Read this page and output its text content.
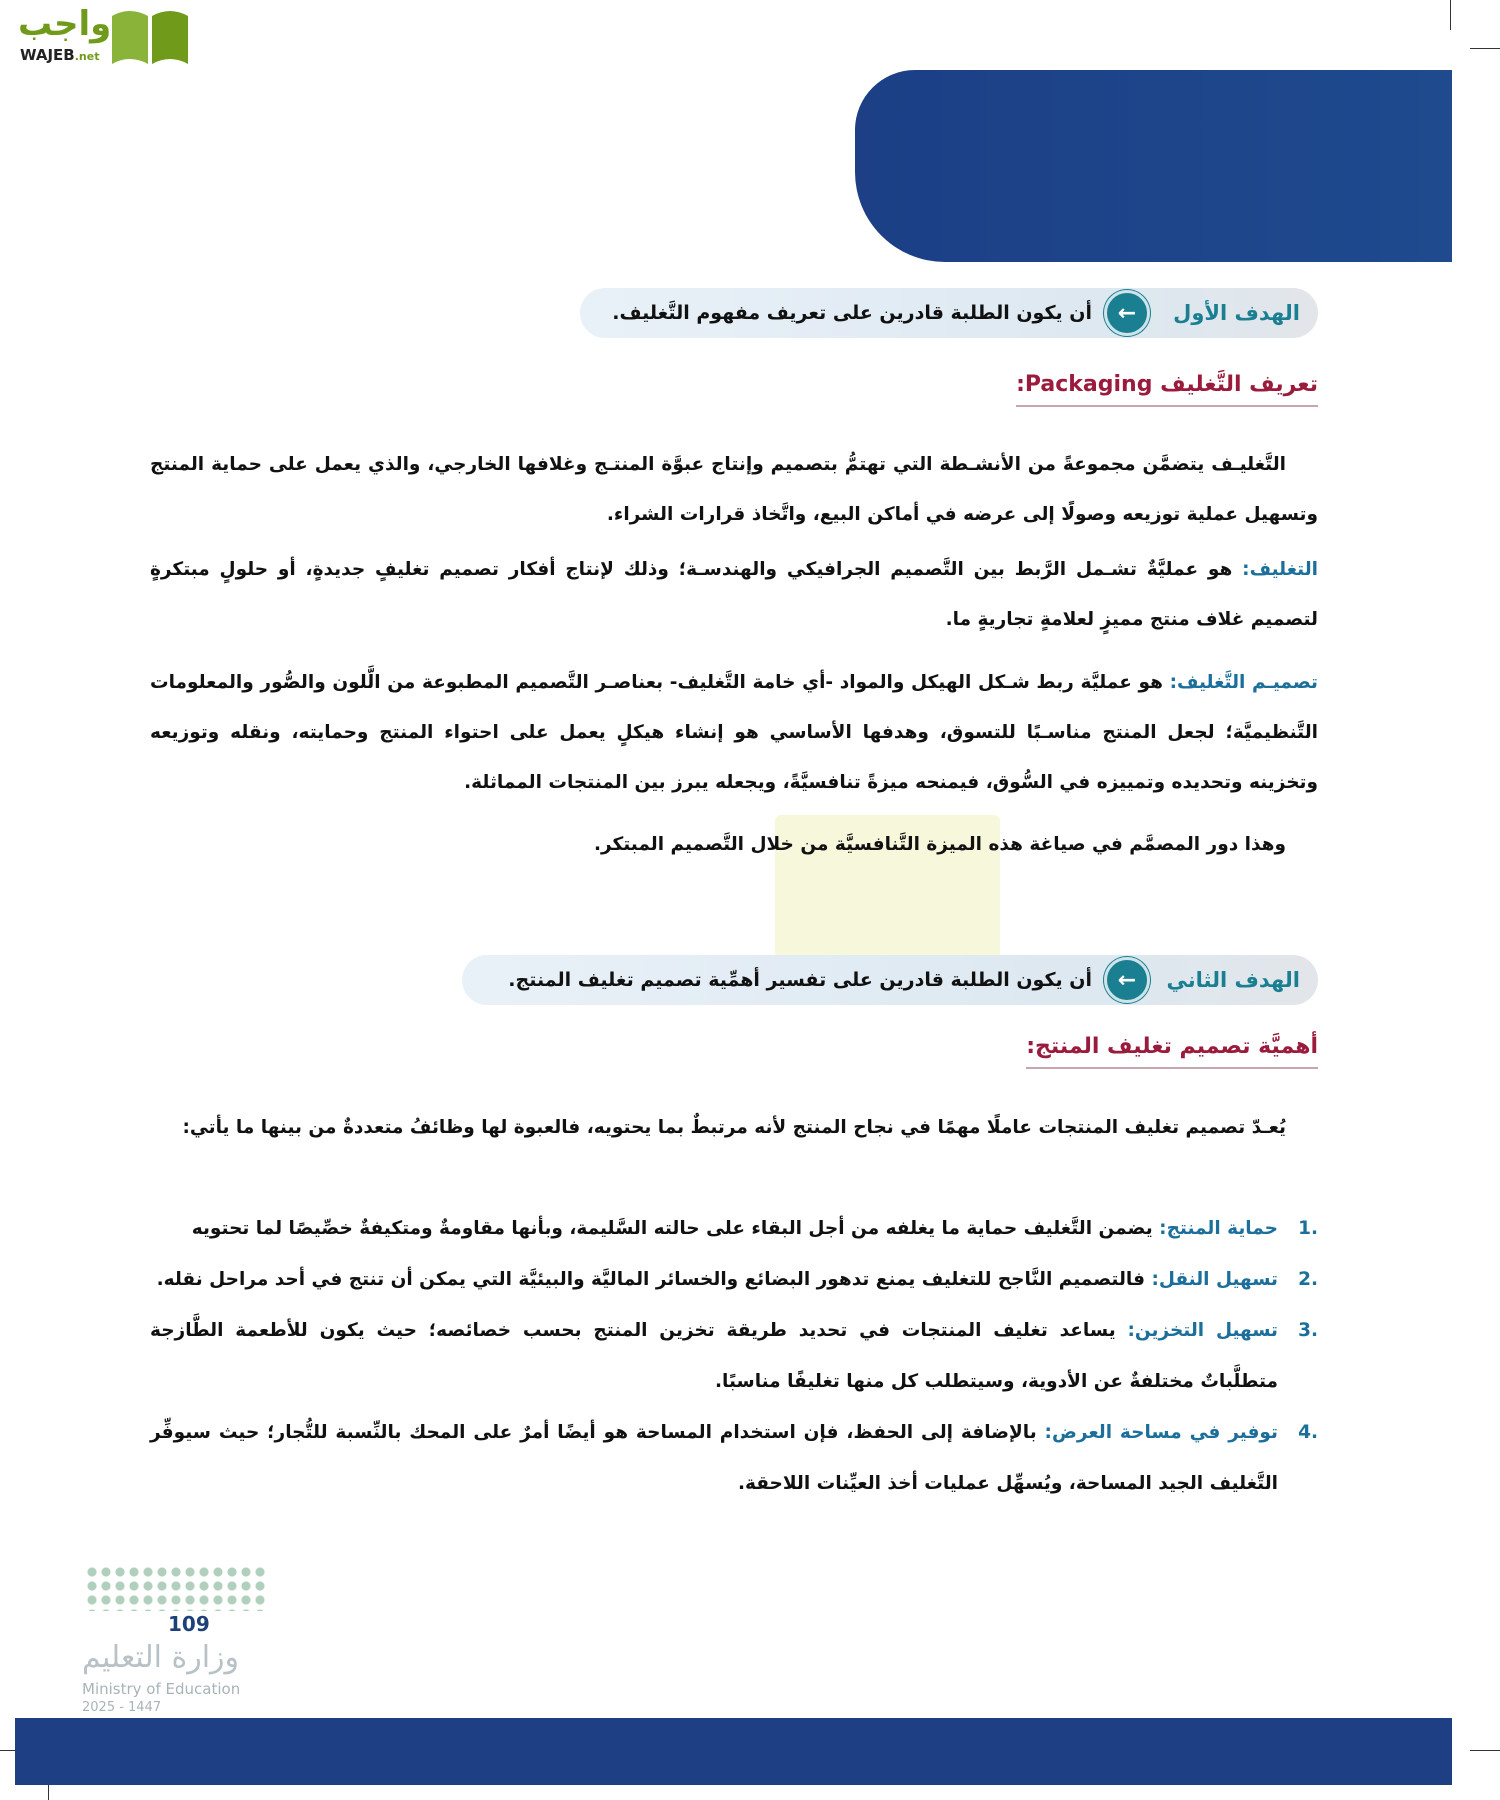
واجب
WAJEB.net
الهدف الأول
←
أن يكون الطلبة قادرين على تعريف مفهوم التَّغليف.
تعريف التَّغليف Packaging:
التَّغليـف يتضمَّن مجموعةً من الأنشـطة التي تهتمُّ بتصميم وإنتاج عبوَّة المنتـج وغلافها الخارجي، والذي يعمل على حماية المنتج وتسهيل عملية توزيعه وصولًا إلى عرضه في أماكن البيع، واتَّخاذ قرارات الشراء.
التغليف: هو عمليَّةٌ تشـمل الرَّبط بين التَّصميم الجرافيكي والهندسـة؛ وذلك لإنتاج أفكار تصميم تغليفٍ جديدةٍ، أو حلولٍ مبتكرةٍ لتصميم غلاف منتج مميزٍ لعلامةٍ تجاريةٍ ما.
تصميـم التَّغليف: هو عمليَّة ربط شـكل الهيكل والمواد -أي خامة التَّغليف- بعناصـر التَّصميم المطبوعة من الَّلون والصُّور والمعلومات التَّنظيميَّة؛ لجعل المنتج مناسـبًا للتسوق، وهدفها الأساسي هو إنشاء هيكلٍ يعمل على احتواء المنتج وحمايته، ونقله وتوزيعه وتخزينه وتحديده وتمييزه في السُّوق، فيمنحه ميزةً تنافسيَّةً، ويجعله يبرز بين المنتجات المماثلة.
وهذا دور المصمَّم في صياغة هذه الميزة التَّنافسيَّة من خلال التَّصميم المبتكر.
الهدف الثاني
←
أن يكون الطلبة قادرين على تفسير أهمِّية تصميم تغليف المنتج.
أهميَّة تصميم تغليف المنتج:
يُعـدّ تصميم تغليف المنتجات عاملًا مهمًا في نجاح المنتج لأنه مرتبطٌ بما يحتويه، فالعبوة لها وظائفُ متعددةٌ من بينها ما يأتي:
.1
حماية المنتج: يضمن التَّغليف حماية ما يغلفه من أجل البقاء على حالته السَّليمة، وبأنها مقاومةٌ ومتكيفةٌ خصِّيصًا لما تحتويه
.2
تسهيل النقل: فالتصميم النَّاجح للتغليف يمنع تدهور البضائع والخسائر الماليَّة والبيئيَّة التي يمكن أن تنتج في أحد مراحل نقله.
.3
تسهيل التخزين: يساعد تغليف المنتجات في تحديد طريقة تخزين المنتج بحسب خصائصه؛ حيث يكون للأطعمة الطَّازجة متطلَّباتٌ مختلفةٌ عن الأدوية، وسيتطلب كل منها تغليفًا مناسبًا.
.4
توفير في مساحة العرض: بالإضافة إلى الحفظ، فإن استخدام المساحة هو أيضًا أمرٌ على المحك بالنِّسبة للتُّجار؛ حيث سيوفِّر التَّغليف الجيد المساحة، ويُسهِّل عمليات أخذ العيِّنات اللاحقة.
109
وزارة التعليم
Ministry of Education
2025 - 1447
